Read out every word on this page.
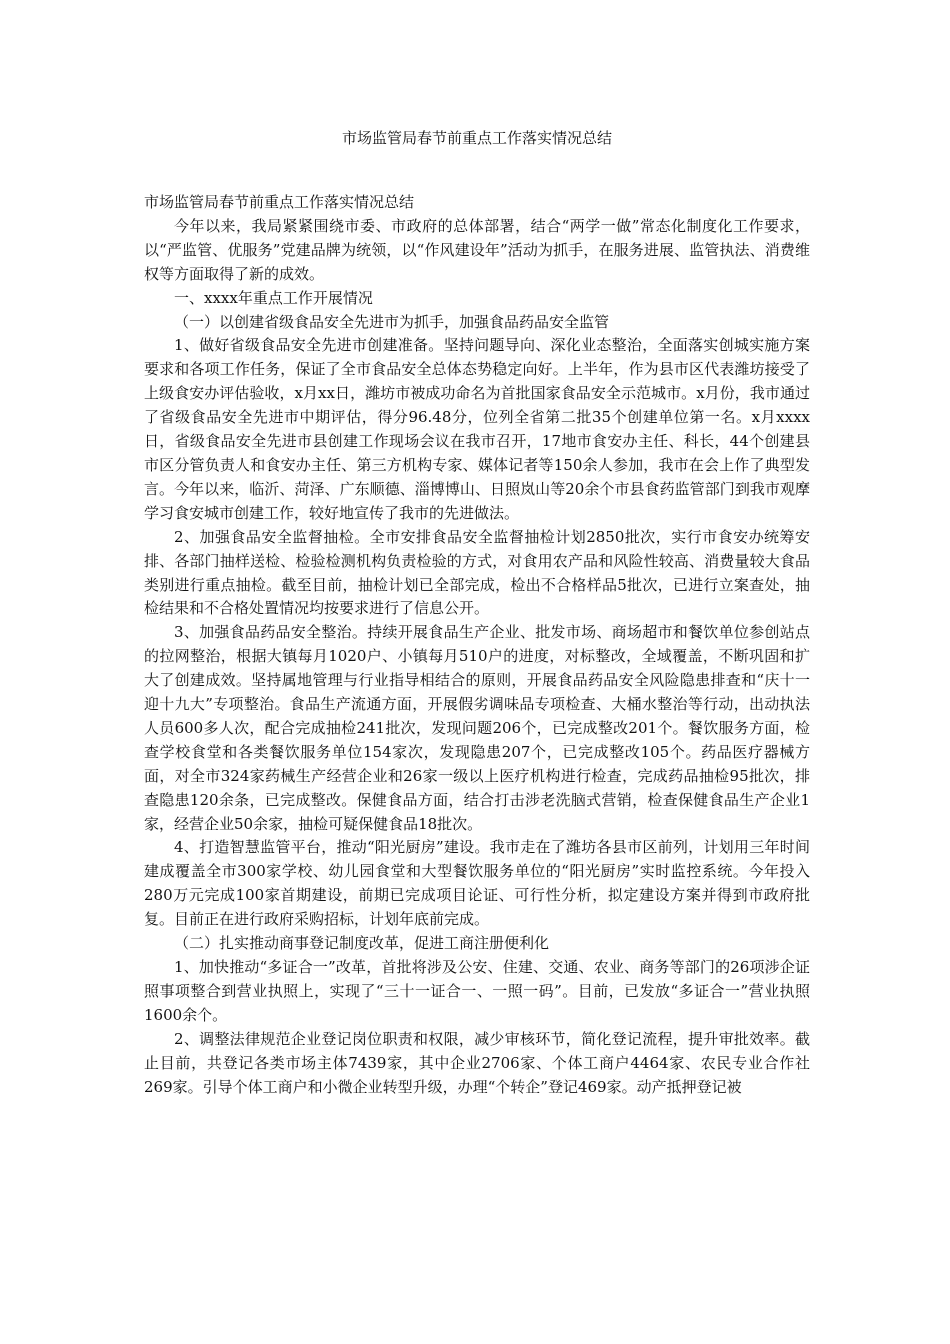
市场监管局春节前重点工作落实情况总结

市场监管局春节前重点工作落实情况总结

今年以来，我局紧紧围绕市委、市政府的总体部署，结合“两学一做”常态化制度化工作要求，以“严监管、优服务”党建品牌为统领，以“作风建设年”活动为抓手，在服务进展、监管执法、消费维权等方面取得了新的成效。

一、xxxx年重点工作开展情况

（一）以创建省级食品安全先进市为抓手，加强食品药品安全监管

1、做好省级食品安全先进市创建准备。坚持问题导向、深化业态整治，全面落实创城实施方案要求和各项工作任务，保证了全市食品安全总体态势稳定向好。上半年，作为县市区代表潍坊接受了上级食安办评估验收，x月xx日，潍坊市被成功命名为首批国家食品安全示范城市。x月份，我市通过了省级食品安全先进市中期评估，得分96.48分，位列全省第二批35个创建单位第一名。x月xxxx日，省级食品安全先进市县创建工作现场会议在我市召开，17地市食安办主任、科长，44个创建县市区分管负责人和食安办主任、第三方机构专家、媒体记者等150余人参加，我市在会上作了典型发言。今年以来，临沂、菏泽、广东顺德、淄博博山、日照岚山等20余个市县食药监管部门到我市观摩学习食安城市创建工作，较好地宣传了我市的先进做法。

2、加强食品安全监督抽检。全市安排食品安全监督抽检计划2850批次，实行市食安办统筹安排、各部门抽样送检、检验检测机构负责检验的方式，对食用农产品和风险性较高、消费量较大食品类别进行重点抽检。截至目前，抽检计划已全部完成，检出不合格样品5批次，已进行立案查处，抽检结果和不合格处置情况均按要求进行了信息公开。

3、加强食品药品安全整治。持续开展食品生产企业、批发市场、商场超市和餐饮单位参创站点的拉网整治，根据大镇每月1020户、小镇每月510户的进度，对标整改，全域覆盖，不断巩固和扩大了创建成效。坚持属地管理与行业指导相结合的原则，开展食品药品安全风险隐患排查和“庆十一迎十九大”专项整治。食品生产流通方面，开展假劣调味品专项检查、大桶水整治等行动，出动执法人员600多人次，配合完成抽检241批次，发现问题206个，已完成整改201个。餐饮服务方面，检查学校食堂和各类餐饮服务单位154家次，发现隐患207个，已完成整改105个。药品医疗器械方面，对全市324家药械生产经营企业和26家一级以上医疗机构进行检查，完成药品抽检95批次，排查隐患120余条，已完成整改。保健食品方面，结合打击涉老洗脑式营销，检查保健食品生产企业1家，经营企业50余家，抽检可疑保健食品18批次。

4、打造智慧监管平台，推动“阳光厨房”建设。我市走在了潍坊各县市区前列，计划用三年时间建成覆盖全市300家学校、幼儿园食堂和大型餐饮服务单位的“阳光厨房”实时监控系统。今年投入280万元完成100家首期建设，前期已完成项目论证、可行性分析，拟定建设方案并得到市政府批复。目前正在进行政府采购招标，计划年底前完成。

（二）扎实推动商事登记制度改革，促进工商注册便利化

1、加快推动“多证合一”改革，首批将涉及公安、住建、交通、农业、商务等部门的26项涉企证照事项整合到营业执照上，实现了“三十一证合一、一照一码”。目前，已发放“多证合一”营业执照1600余个。

2、调整法律规范企业登记岗位职责和权限，减少审核环节，简化登记流程，提升审批效率。截止目前，共登记各类市场主体7439家，其中企业2706家、个体工商户4464家、农民专业合作社269家。引导个体工商户和小微企业转型升级，办理“个转企”登记469家。动产抵押登记被
